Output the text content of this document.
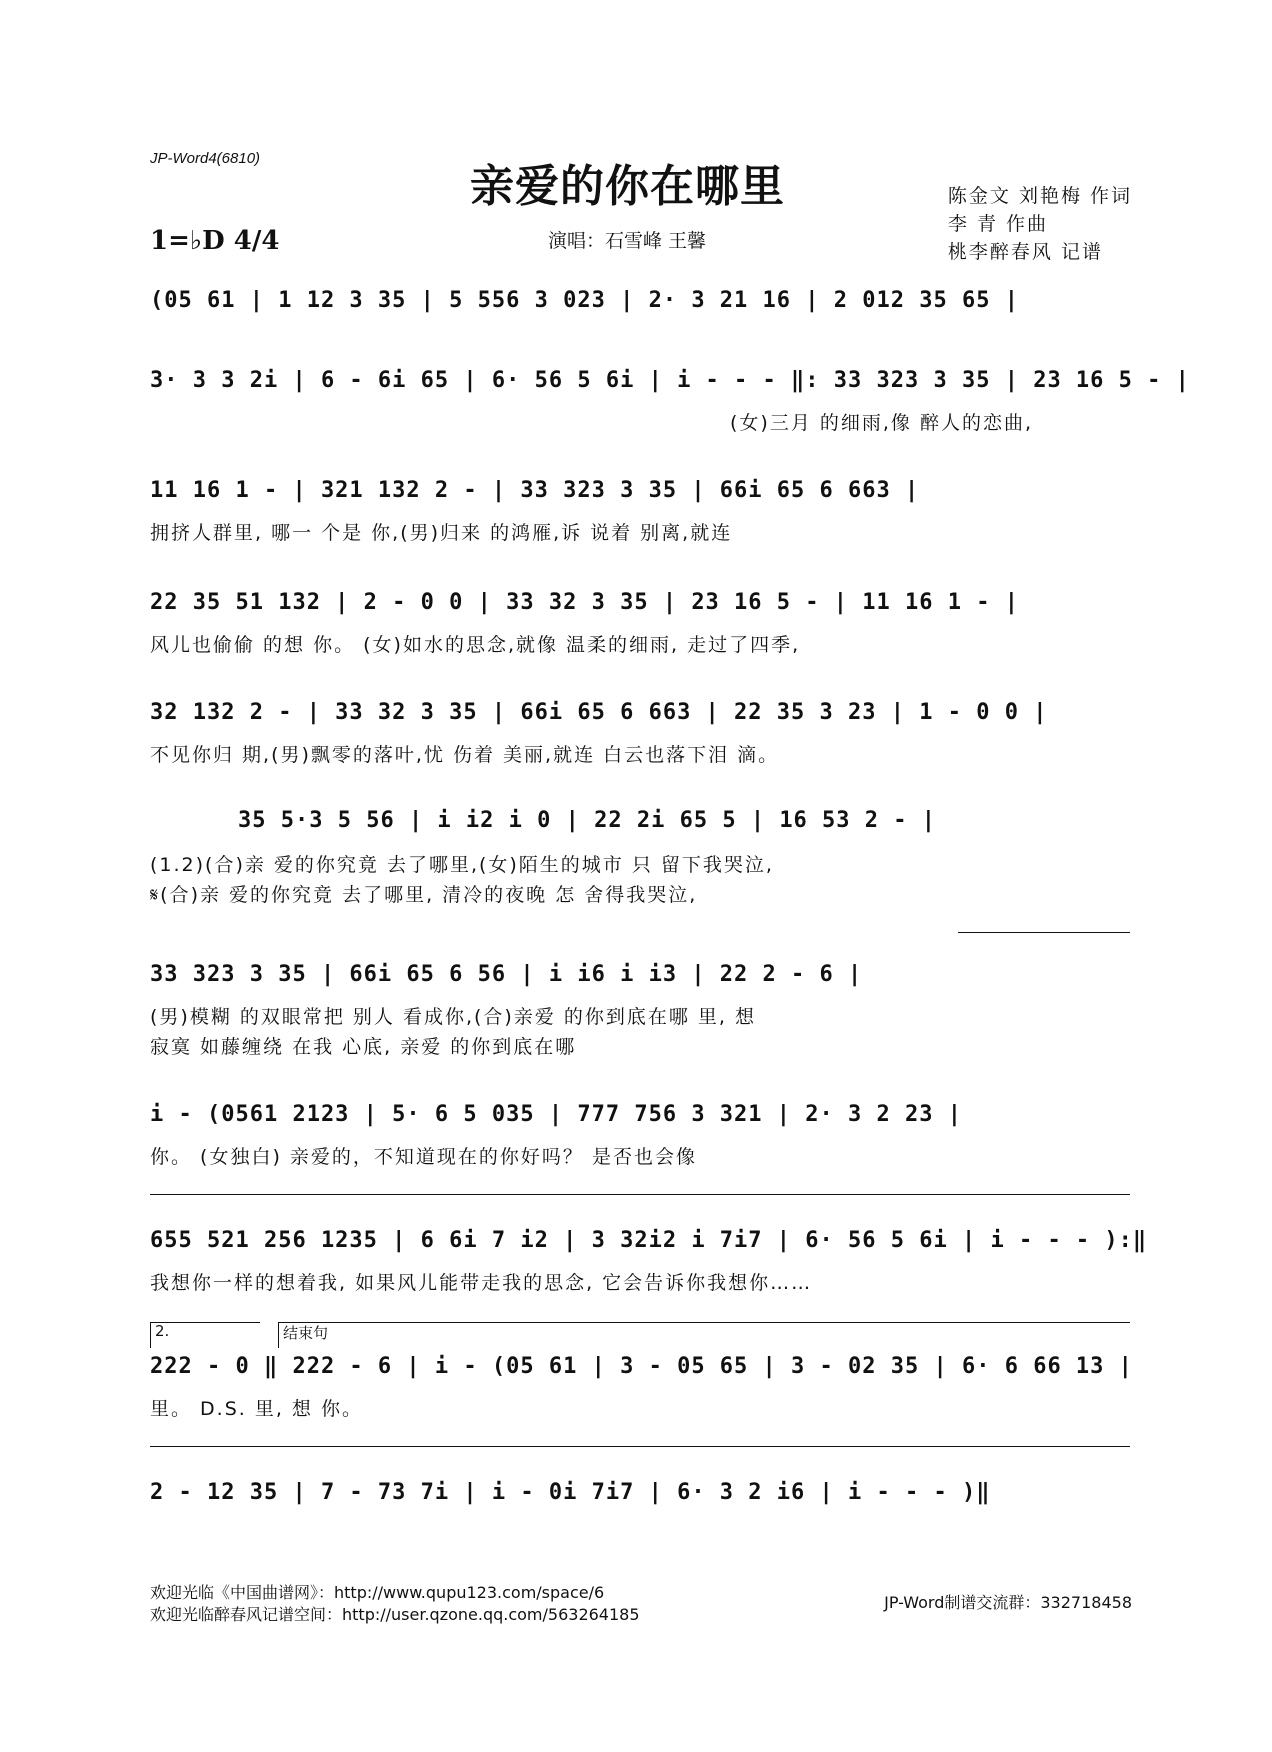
JP-Word4(6810)
亲爱的你在哪里
1=♭D 4/4	演唱：石雪峰 王馨
陈金文 刘艳梅 作词
李 青 作曲
桃李醉春风 记谱
(05 61 | 1 12 3 35 | 5 556 3 023 | 2· 3 21 16 | 2 012 35 65 |
3· 3 3 2i | 6 - 6i 65 | 6· 56 5 6i | i - - - ‖: 33 323 3 35 | 23 16 5 - |
(女)三月 的细雨,像 醉人的恋曲,
11 16 1 - | 321 132 2 - | 33 323 3 35 | 66i 65 6 663 |
拥挤人群里, 哪一 个是 你,(男)归来 的鸿雁,诉 说着 别离,就连
22 35 51 132 | 2 - 0 0 | 33 32 3 35 | 23 16 5 - | 11 16 1 - |
风儿也偷偷 的想 你。 (女)如水的思念,就像 温柔的细雨, 走过了四季,
32 132 2 - | 33 32 3 35 | 66i 65 6 663 | 22 35 3 23 | 1 - 0 0 |
不见你归 期,(男)飘零的落叶,忧 伤着 美丽,就连 白云也落下泪 滴。
35 5·3 5 56 | i i2 i 0 | 22 2i 65 5 | 16 53 2 - |
(1.2)(合)亲 爱的你究竟 去了哪里,(女)陌生的城市 只 留下我哭泣,
𝄋(合)亲 爱的你究竟 去了哪里, 清冷的夜晚 怎 舍得我哭泣,
33 323 3 35 | 66i 65 6 56 | i i6 i i3 | 22 2 - 6 |
(男)模糊 的双眼常把 别人 看成你,(合)亲爱 的你到底在哪 里, 想
寂寞 如藤缠绕 在我 心底, 亲爱 的你到底在哪
i - (0561 2123 | 5· 6 5 035 | 777 756 3 321 | 2· 3 2 23 |
你。 (女独白) 亲爱的，不知道现在的你好吗？ 是否也会像
655 521 256 1235 | 6 6i 7 i2 | 3 32i2 i 7i7 | 6· 56 5 6i | i - - - ):‖
我想你一样的想着我, 如果风儿能带走我的思念, 它会告诉你我想你……
2.	结束句
222 - 0 ‖ 222 - 6 | i - (05 61 | 3 - 05 65 | 3 - 02 35 | 6· 6 66 13 |
里。 D.S. 里, 想 你。
2 - 12 35 | 7 - 73 7i | i - 0i 7i7 | 6· 3 2 i6 | i - - - )‖
欢迎光临《中国曲谱网》：http://www.qupu123.com/space/6
欢迎光临醉春风记谱空间：http://user.qzone.qq.com/563264185
JP-Word制谱交流群：332718458
